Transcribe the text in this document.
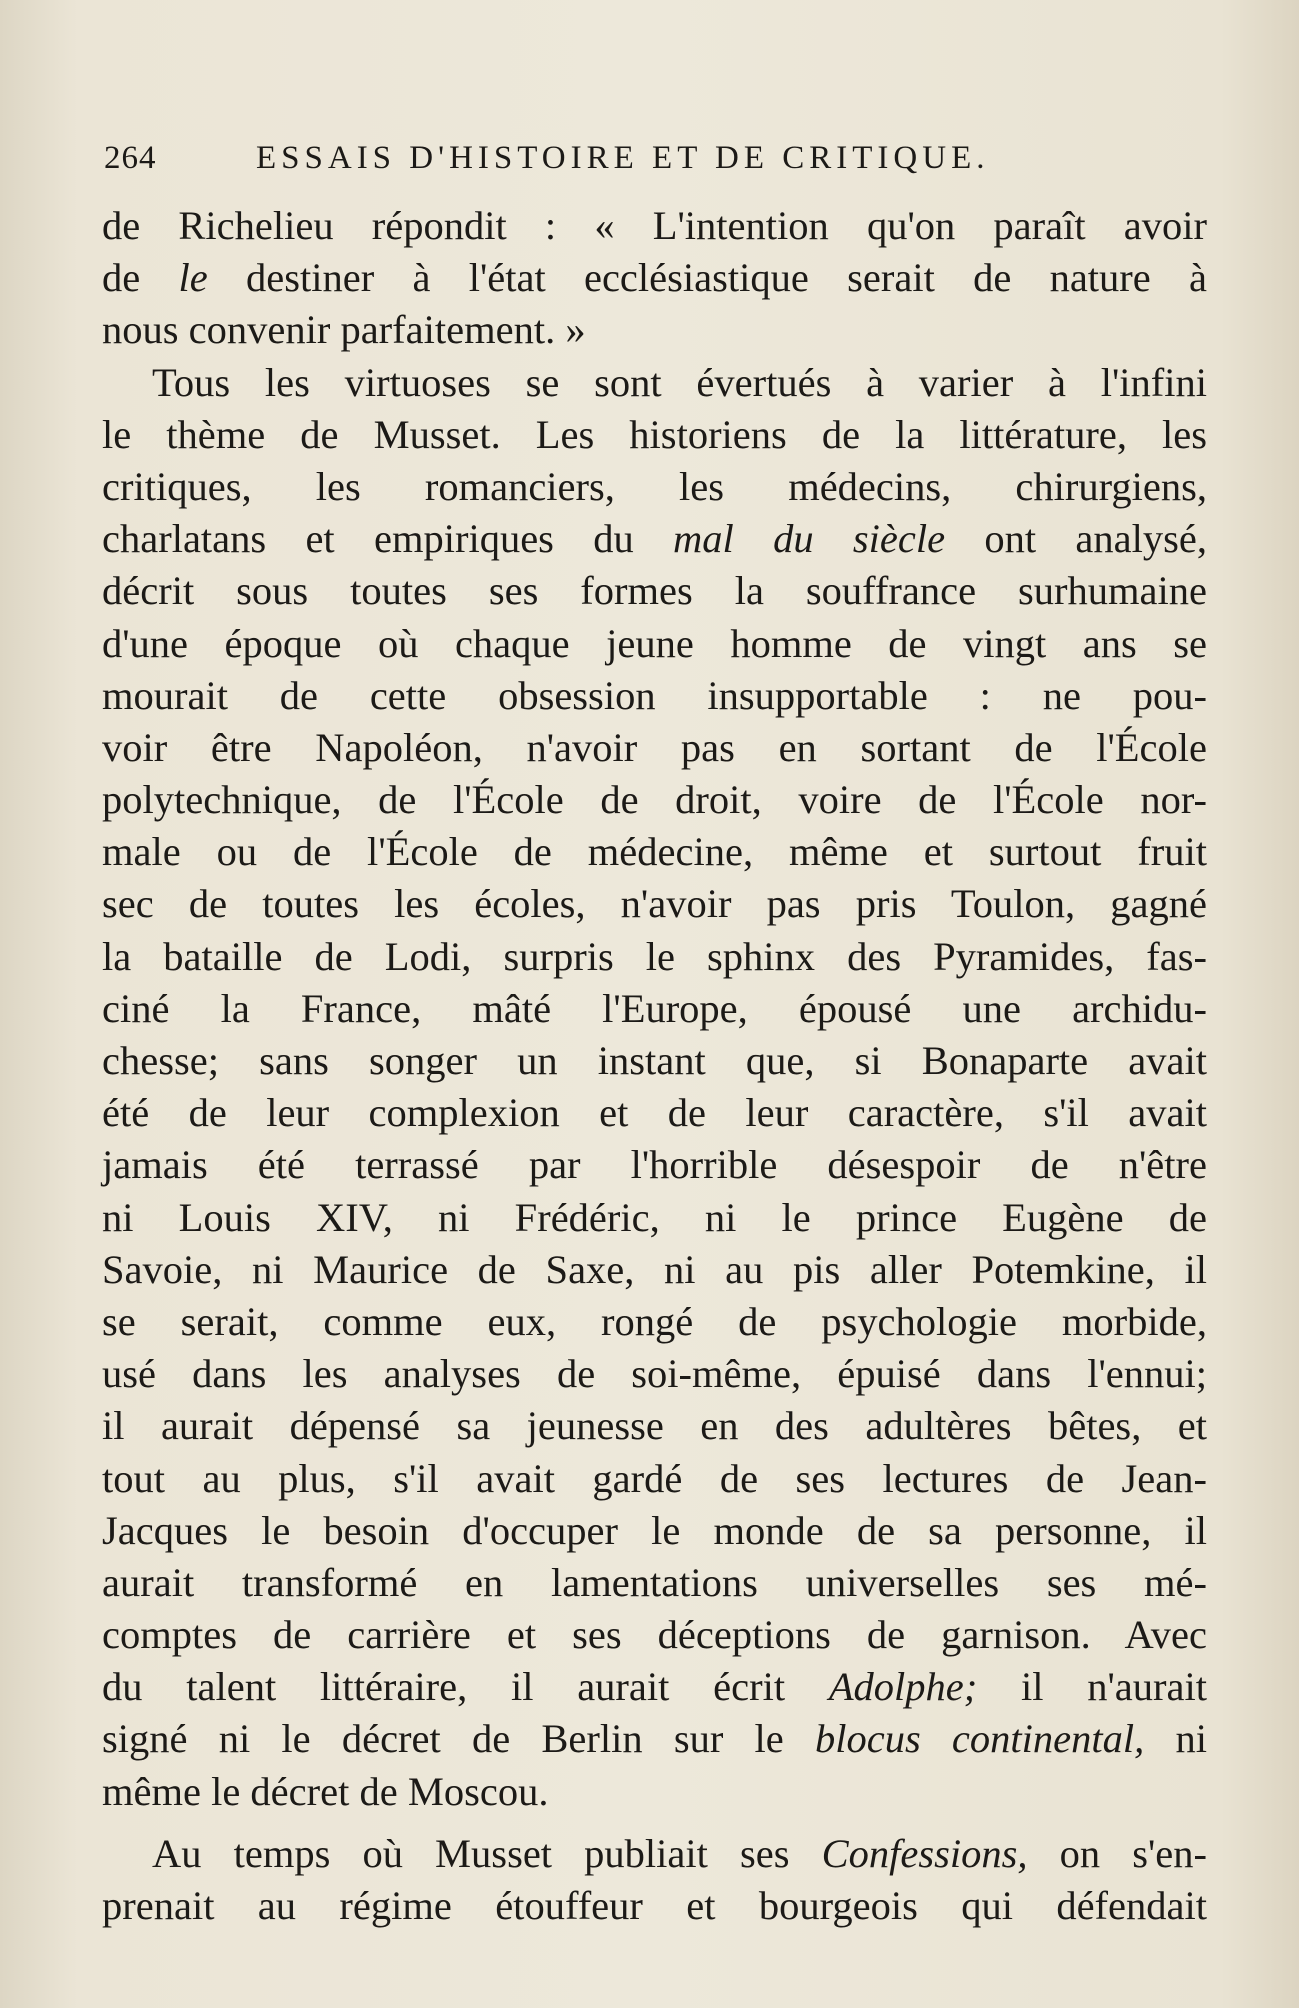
264	ESSAIS D'HISTOIRE ET DE CRITIQUE.
de Richelieu répondit : « L'intention qu'on paraît avoir
de le destiner à l'état ecclésiastique serait de nature à
nous convenir parfaitement. »
Tous les virtuoses se sont évertués à varier à l'infini
le thème de Musset. Les historiens de la littérature, les
critiques, les romanciers, les médecins, chirurgiens,
charlatans et empiriques du mal du siècle ont analysé,
décrit sous toutes ses formes la souffrance surhumaine
d'une époque où chaque jeune homme de vingt ans se
mourait de cette obsession insupportable : ne pou-
voir être Napoléon, n'avoir pas en sortant de l'École
polytechnique, de l'École de droit, voire de l'École nor-
male ou de l'École de médecine, même et surtout fruit
sec de toutes les écoles, n'avoir pas pris Toulon, gagné
la bataille de Lodi, surpris le sphinx des Pyramides, fas-
ciné la France, mâté l'Europe, épousé une archidu-
chesse; sans songer un instant que, si Bonaparte avait
été de leur complexion et de leur caractère, s'il avait
jamais été terrassé par l'horrible désespoir de n'être
ni Louis XIV, ni Frédéric, ni le prince Eugène de
Savoie, ni Maurice de Saxe, ni au pis aller Potemkine, il
se serait, comme eux, rongé de psychologie morbide,
usé dans les analyses de soi-même, épuisé dans l'ennui;
il aurait dépensé sa jeunesse en des adultères bêtes, et
tout au plus, s'il avait gardé de ses lectures de Jean-
Jacques le besoin d'occuper le monde de sa personne, il
aurait transformé en lamentations universelles ses mé-
comptes de carrière et ses déceptions de garnison. Avec
du talent littéraire, il aurait écrit Adolphe; il n'aurait
signé ni le décret de Berlin sur le blocus continental, ni
même le décret de Moscou.
Au temps où Musset publiait ses Confessions, on s'en-
prenait au régime étouffeur et bourgeois qui défendait
